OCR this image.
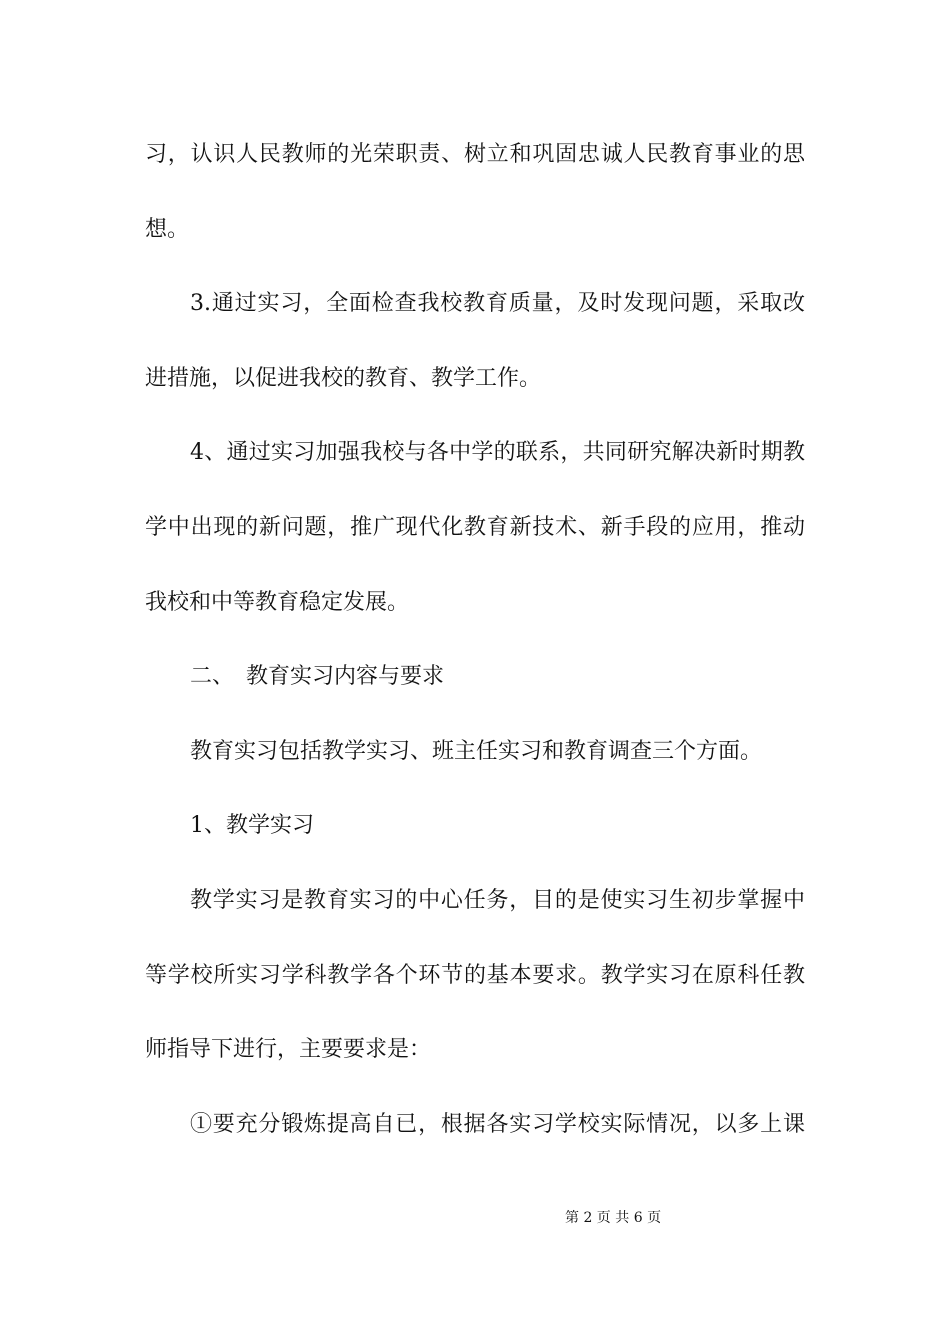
习，认识人民教师的光荣职责、树立和巩固忠诚人民教育事业的思
想。
3.通过实习，全面检查我校教育质量，及时发现问题，采取改
进措施，以促进我校的教育、教学工作。
4、通过实习加强我校与各中学的联系，共同研究解决新时期教
学中出现的新问题，推广现代化教育新技术、新手段的应用，推动
我校和中等教育稳定发展。
二、 教育实习内容与要求
教育实习包括教学实习、班主任实习和教育调查三个方面。
1、教学实习
教学实习是教育实习的中心任务，目的是使实习生初步掌握中
等学校所实习学科教学各个环节的基本要求。教学实习在原科任教
师指导下进行，主要要求是：
①要充分锻炼提高自已，根据各实习学校实际情况，以多上课
第 2 页 共 6 页
